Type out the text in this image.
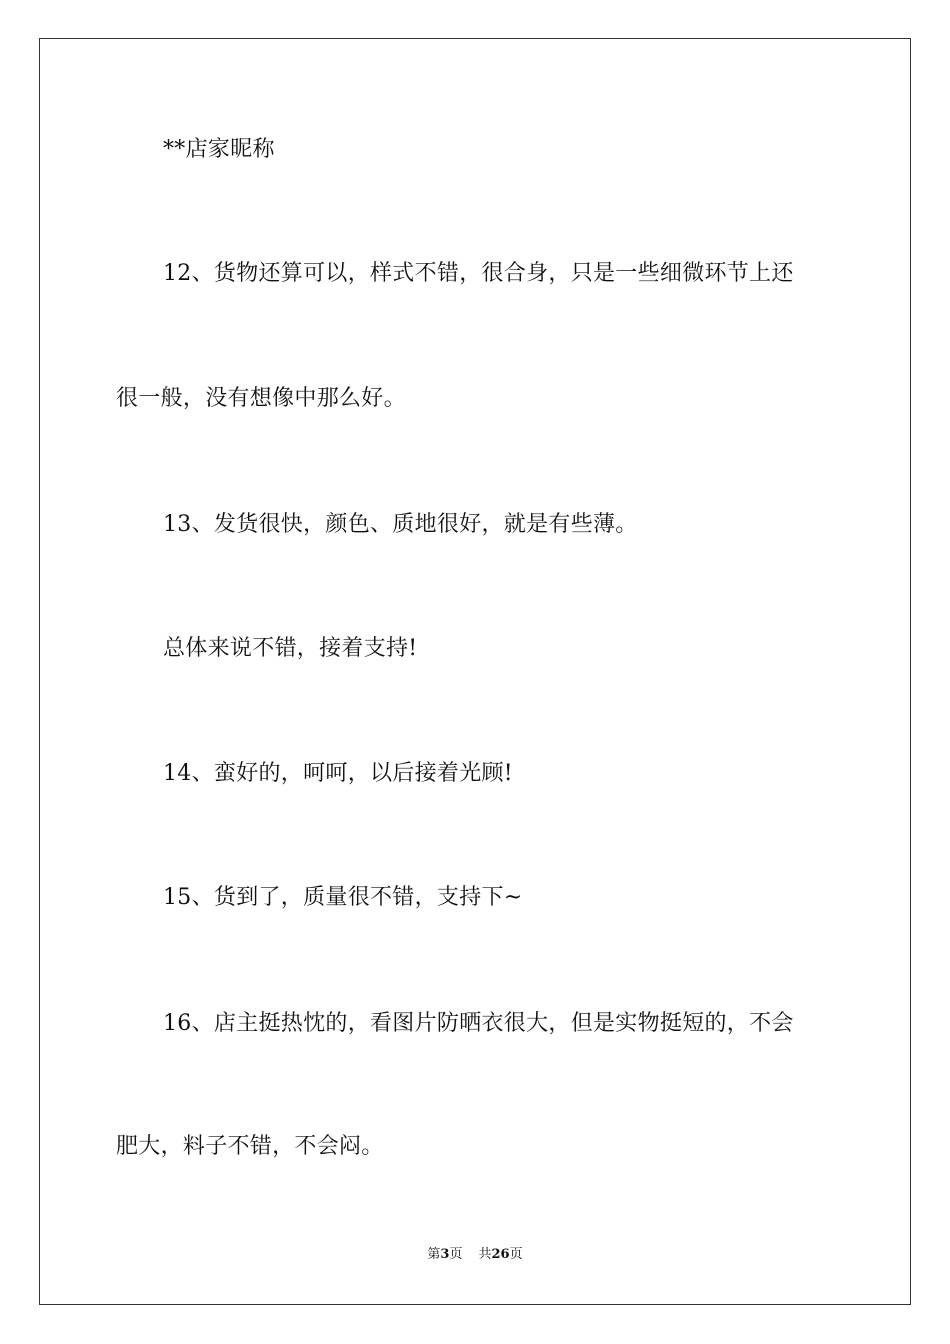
**店家昵称
12、货物还算可以，样式不错，很合身，只是一些细微环节上还
很一般，没有想像中那么好。
13、发货很快，颜色、质地很好，就是有些薄。
总体来说不错，接着支持!
14、蛮好的，呵呵，以后接着光顾!
15、货到了，质量很不错，支持下~
16、店主挺热忱的，看图片防晒衣很大，但是实物挺短的，不会
肥大，料子不错，不会闷。
第3页 共26页
